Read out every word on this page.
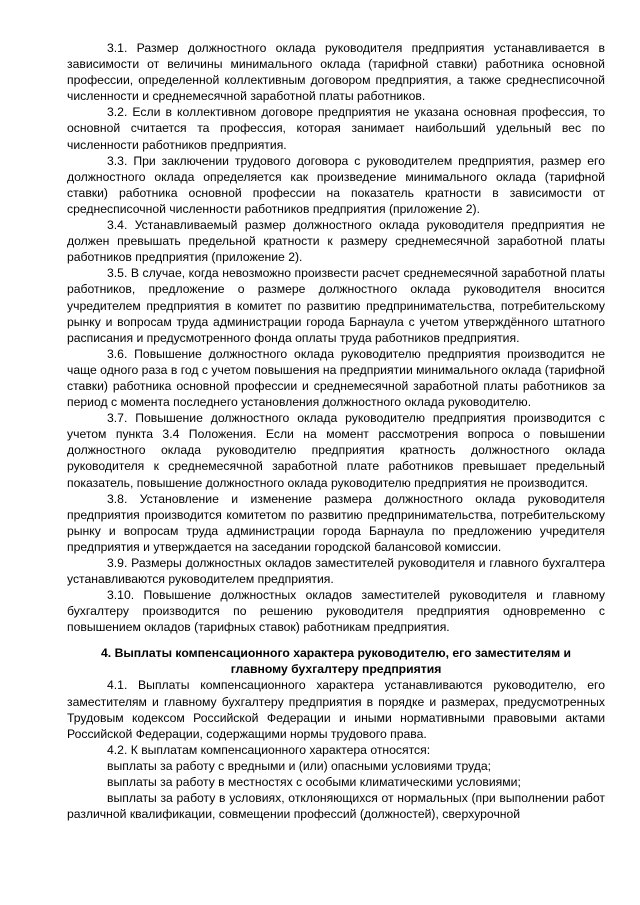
3.1. Размер должностного оклада руководителя предприятия устанавливается в зависимости от величины минимального оклада (тарифной ставки) работника основной профессии, определенной коллективным договором предприятия, а также среднесписочной численности и среднемесячной заработной платы работников.

3.2. Если в коллективном договоре предприятия не указана основная профессия, то основной считается та профессия, которая занимает наибольший удельный вес по численности работников предприятия.

3.3. При заключении трудового договора с руководителем предприятия, размер его должностного оклада определяется как произведение минимального оклада (тарифной ставки) работника основной профессии на показатель кратности в зависимости от среднесписочной численности работников предприятия (приложение 2).

3.4. Устанавливаемый размер должностного оклада руководителя предприятия не должен превышать предельной кратности к размеру среднемесячной заработной платы работников предприятия (приложение 2).

3.5. В случае, когда невозможно произвести расчет среднемесячной заработной платы работников, предложение о размере должностного оклада руководителя вносится учредителем предприятия в комитет по развитию предпринимательства, потребительскому рынку и вопросам труда администрации города Барнаула с учетом утверждённого штатного расписания и предусмотренного фонда оплаты труда работников предприятия.

3.6. Повышение должностного оклада руководителю предприятия производится не чаще одного раза в год с учетом повышения на предприятии минимального оклада (тарифной ставки) работника основной профессии и среднемесячной заработной платы работников за период с момента последнего установления должностного оклада руководителю.

3.7. Повышение должностного оклада руководителю предприятия производится с учетом пункта 3.4 Положения. Если на момент рассмотрения вопроса о повышении должностного оклада руководителю предприятия кратность должностного оклада руководителя к среднемесячной заработной плате работников превышает предельный показатель, повышение должностного оклада руководителю предприятия не производится.

3.8. Установление и изменение размера должностного оклада руководителя предприятия производится комитетом по развитию предпринимательства, потребительскому рынку и вопросам труда администрации города Барнаула по предложению учредителя предприятия и утверждается на заседании городской балансовой комиссии.

3.9. Размеры должностных окладов заместителей руководителя и главного бухгалтера устанавливаются руководителем предприятия.

3.10. Повышение должностных окладов заместителей руководителя и главному бухгалтеру производится по решению руководителя предприятия одновременно с повышением окладов (тарифных ставок) работникам предприятия.

4. Выплаты компенсационного характера руководителю, его заместителям и главному бухгалтеру предприятия

4.1. Выплаты компенсационного характера устанавливаются руководителю, его заместителям и главному бухгалтеру предприятия в порядке и размерах, предусмотренных Трудовым кодексом Российской Федерации и иными нормативными правовыми актами Российской Федерации, содержащими нормы трудового права.

4.2. К выплатам компенсационного характера относятся:

выплаты за работу с вредными и (или) опасными условиями труда;

выплаты за работу в местностях с особыми климатическими условиями;

выплаты за работу в условиях, отклоняющихся от нормальных (при выполнении работ различной квалификации, совмещении профессий (должностей), сверхурочной
